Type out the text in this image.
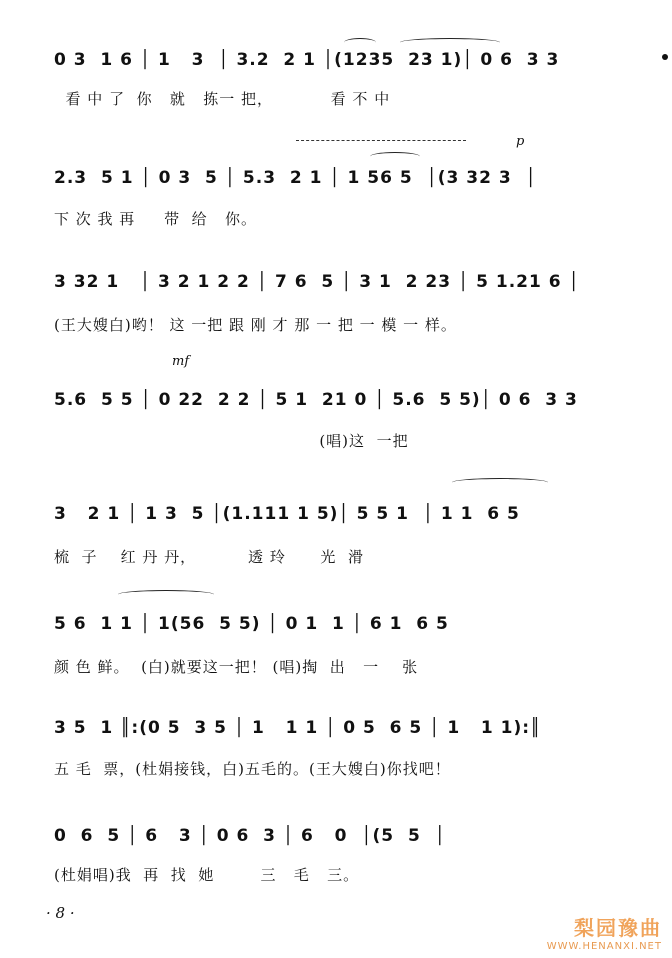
0 3  1 6 │ 1   3  │ 3.2  2 1 │(1235  23 1)│ 0 6  3 3
看 中 了  你   就   拣一 把，          看 不 中
p
2.3  5 1 │ 0 3  5 │ 5.3  2 1 │ 1 56 5  │(3 32 3  │
下 次 我 再     带  给   你。
3 32 1   │ 3 2 1 2 2 │ 7 6  5 │ 3 1  2 23 │ 5 1.21 6 │
(王大嫂白)哟！ 这 一把 跟 刚 才 那 一 把 一 模 一 样。
mf
5.6  5 5 │ 0 22  2 2 │ 5 1  21 0 │ 5.6  5 5)│ 0 6  3 3
(唱)这  一把
3   2 1 │ 1 3  5 │(1.111 1 5)│ 5 5 1  │ 1 1  6 5
梳  子    红 丹 丹，         透 玲      光  滑
5 6  1 1 │ 1(56  5 5) │ 0 1  1 │ 6 1  6 5
颜 色 鲜。  (白)就要这一把！ (唱)掏  出   一    张
3 5  1 ║:(0 5  3 5 │ 1   1 1 │ 0 5  6 5 │ 1   1 1):║
五 毛  票，(杜娟接钱，白)五毛的。(王大嫂白)你找吧！
0  6  5 │ 6   3 │ 0 6  3 │ 6   0  │(5  5  │
(杜娟唱)我  再  找  她        三   毛   三。
· 8 ·
梨园豫曲
WWW.HENANXI.NET
